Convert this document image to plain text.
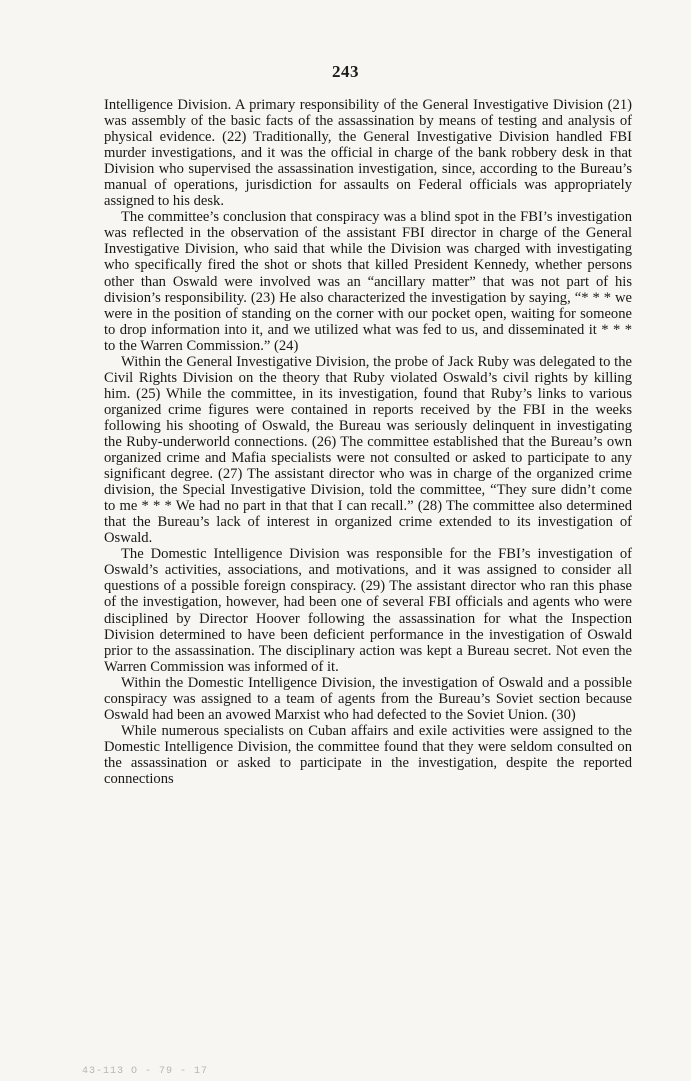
243

Intelligence Division. A primary responsibility of the General Investigative Division (21) was assembly of the basic facts of the assassination by means of testing and analysis of physical evidence. (22) Traditionally, the General Investigative Division handled FBI murder investigations, and it was the official in charge of the bank robbery desk in that Division who supervised the assassination investigation, since, according to the Bureau’s manual of operations, jurisdiction for assaults on Federal officials was appropriately assigned to his desk.

The committee’s conclusion that conspiracy was a blind spot in the FBI’s investigation was reflected in the observation of the assistant FBI director in charge of the General Investigative Division, who said that while the Division was charged with investigating who specifically fired the shot or shots that killed President Kennedy, whether persons other than Oswald were involved was an “ancillary matter” that was not part of his division’s responsibility. (23) He also characterized the investigation by saying, “* * * we were in the position of standing on the corner with our pocket open, waiting for someone to drop information into it, and we utilized what was fed to us, and disseminated it * * * to the Warren Commission.” (24)

Within the General Investigative Division, the probe of Jack Ruby was delegated to the Civil Rights Division on the theory that Ruby violated Oswald’s civil rights by killing him. (25) While the committee, in its investigation, found that Ruby’s links to various organized crime figures were contained in reports received by the FBI in the weeks following his shooting of Oswald, the Bureau was seriously delinquent in investigating the Ruby-underworld connections. (26) The committee established that the Bureau’s own organized crime and Mafia specialists were not consulted or asked to participate to any significant degree. (27) The assistant director who was in charge of the organized crime division, the Special Investigative Division, told the committee, “They sure didn’t come to me * * * We had no part in that that I can recall.” (28) The committee also determined that the Bureau’s lack of interest in organized crime extended to its investigation of Oswald.

The Domestic Intelligence Division was responsible for the FBI’s investigation of Oswald’s activities, associations, and motivations, and it was assigned to consider all questions of a possible foreign conspiracy. (29) The assistant director who ran this phase of the investigation, however, had been one of several FBI officials and agents who were disciplined by Director Hoover following the assassination for what the Inspection Division determined to have been deficient performance in the investigation of Oswald prior to the assassination. The disciplinary action was kept a Bureau secret. Not even the Warren Commission was informed of it.

Within the Domestic Intelligence Division, the investigation of Oswald and a possible conspiracy was assigned to a team of agents from the Bureau’s Soviet section because Oswald had been an avowed Marxist who had defected to the Soviet Union. (30)

While numerous specialists on Cuban affairs and exile activities were assigned to the Domestic Intelligence Division, the committee found that they were seldom consulted on the assassination or asked to participate in the investigation, despite the reported connections

43-113 O - 79 - 17
